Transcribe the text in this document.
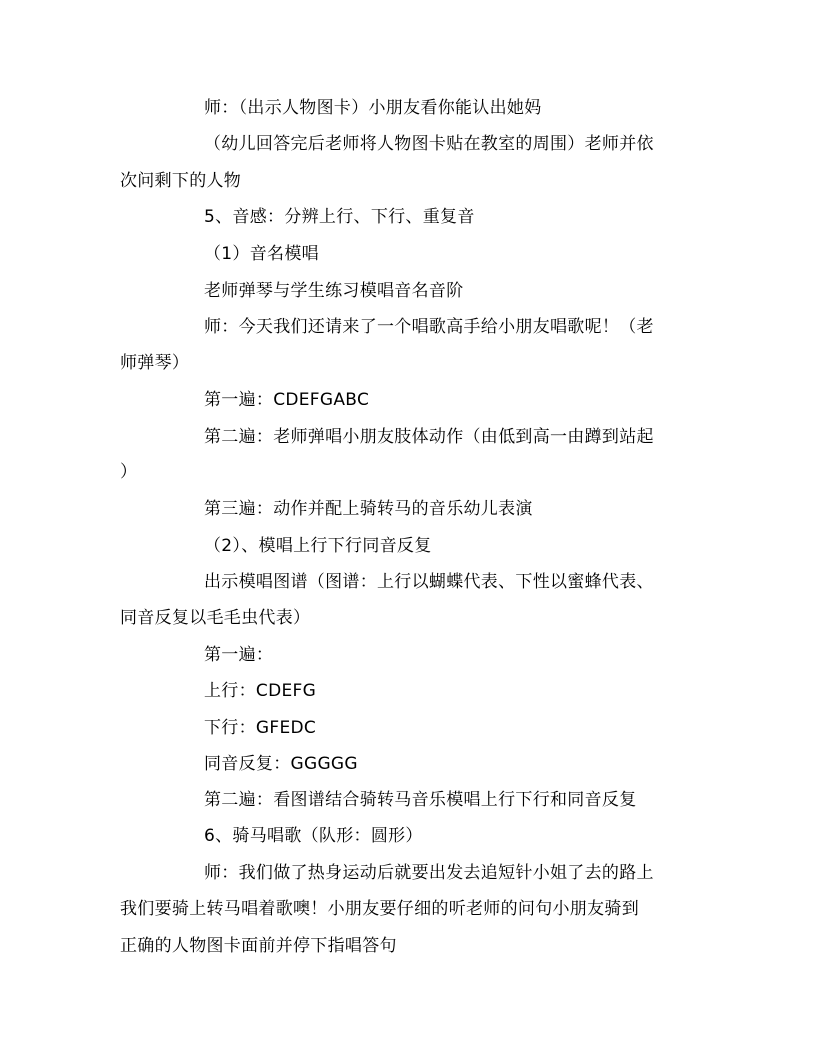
师：（出示人物图卡）小朋友看你能认出她妈
（幼儿回答完后老师将人物图卡贴在教室的周围）老师并依
次问剩下的人物
5、音感：分辨上行、下行、重复音
（1）音名模唱
老师弹琴与学生练习模唱音名音阶
师：今天我们还请来了一个唱歌高手给小朋友唱歌呢！（老
师弹琴）
第一遍：CDEFGABC
第二遍：老师弹唱小朋友肢体动作（由低到高一由蹲到站起
）
第三遍：动作并配上骑转马的音乐幼儿表演
（2）、模唱上行下行同音反复
出示模唱图谱（图谱：上行以蝴蝶代表、下性以蜜蜂代表、
同音反复以毛毛虫代表）
第一遍：
上行：CDEFG
下行：GFEDC
同音反复：GGGGG
第二遍：看图谱结合骑转马音乐模唱上行下行和同音反复
6、骑马唱歌（队形：圆形）
师：我们做了热身运动后就要出发去追短针小姐了去的路上
我们要骑上转马唱着歌噢！小朋友要仔细的听老师的问句小朋友骑到
正确的人物图卡面前并停下指唱答句
